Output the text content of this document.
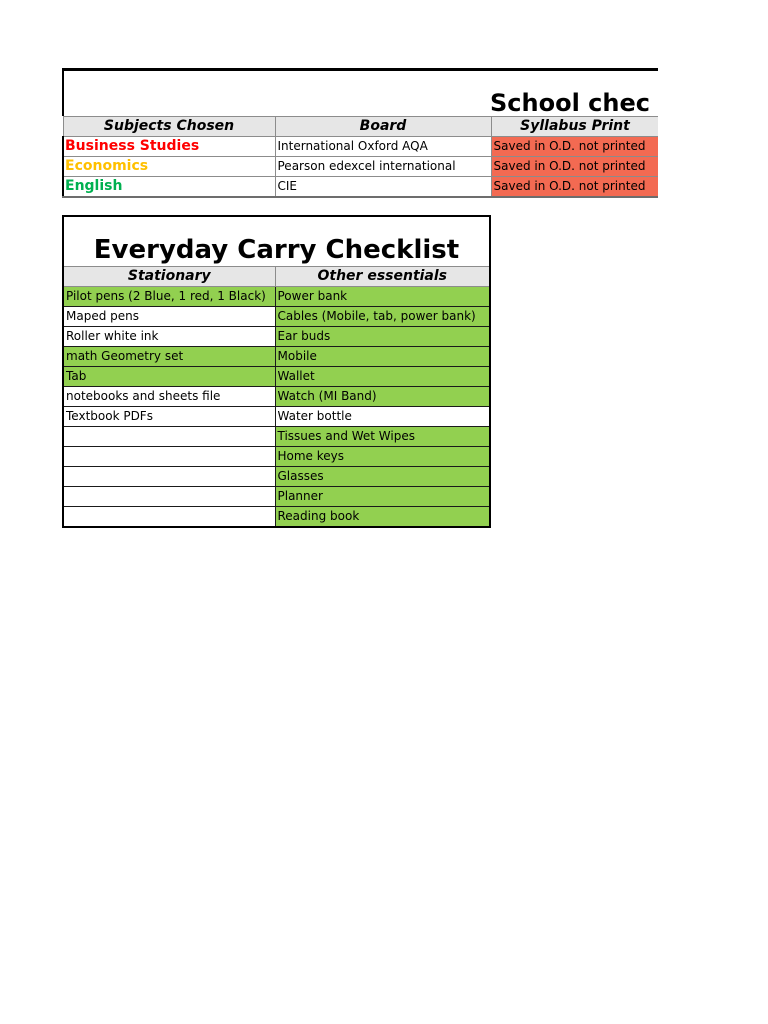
School chec
Subjects Chosen	Board	Syllabus Print

Business Studies	International Oxford AQA	Saved in O.D. not printed

Economics	Pearson edexcel international	Saved in O.D. not printed

English	CIE	Saved in O.D. not printed
Everyday Carry Checklist
Stationary	Other essentials

Pilot pens (2 Blue, 1 red, 1 Black)	Power bank

Maped pens	Cables (Mobile, tab, power bank)

Roller white ink	Ear buds

math Geometry set	Mobile

Tab	Wallet

notebooks and sheets file	Watch (MI Band)

Textbook PDFs	Water bottle

	Tissues and Wet Wipes

	Home keys

	Glasses

	Planner

	Reading book
